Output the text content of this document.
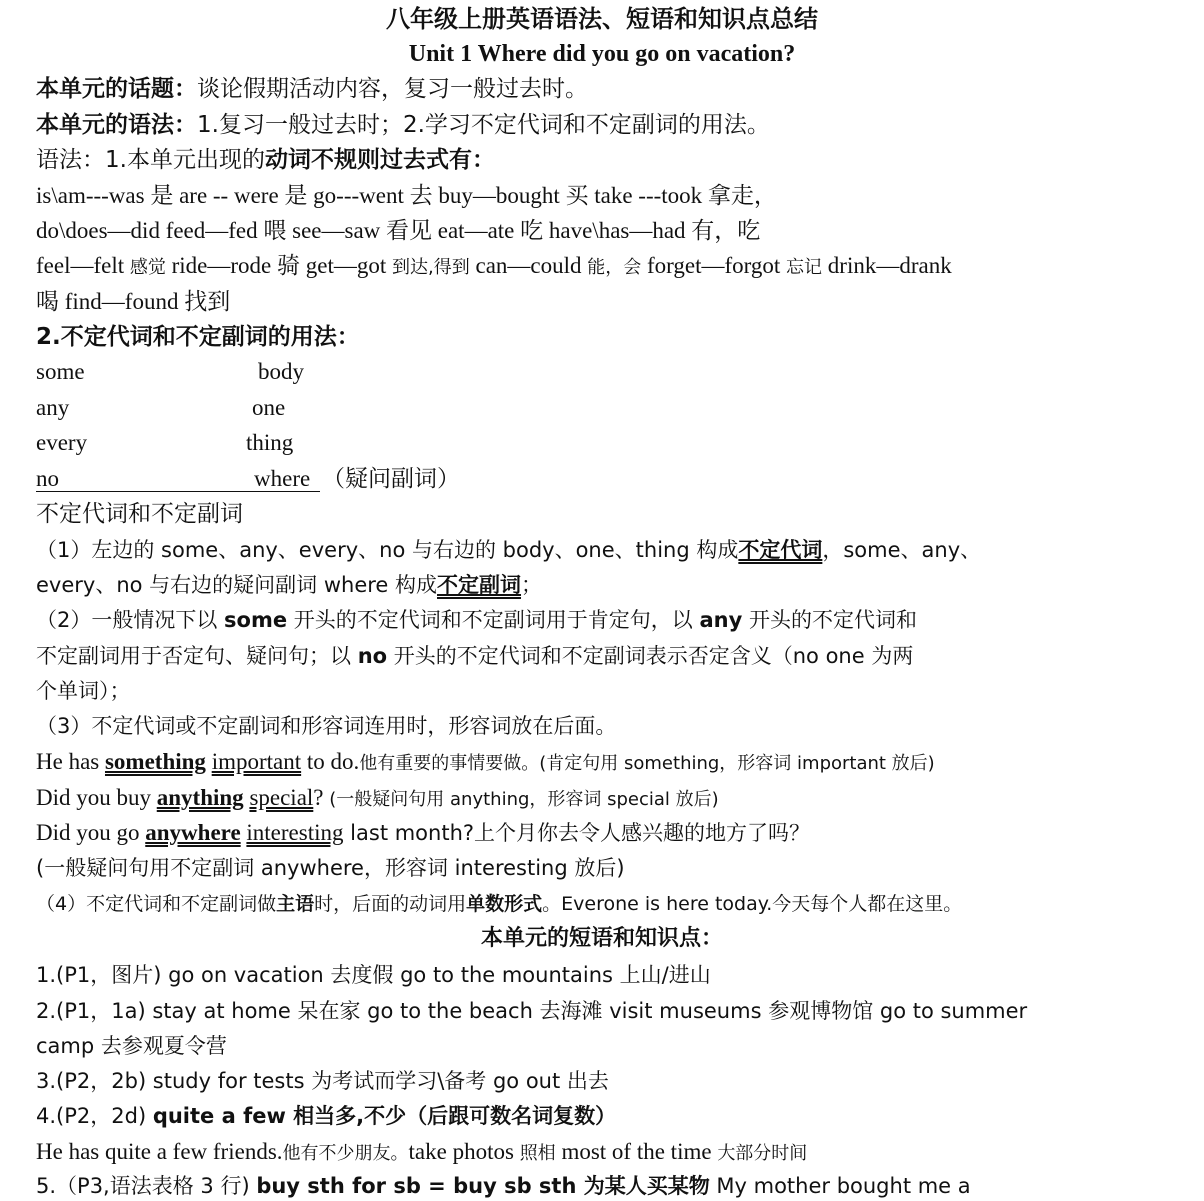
八年级上册英语语法、短语和知识点总结
Unit 1 Where did you go on vacation?
本单元的话题：谈论假期活动内容，复习一般过去时。
本单元的语法：1.复习一般过去时；2.学习不定代词和不定副词的用法。
语法：1.本单元出现的动词不规则过去式有：
is\am---was 是 are -- were 是 go---went 去 buy—bought 买 take ---took 拿走，
do\does—did feed—fed 喂 see—saw 看见 eat—ate 吃 have\has—had 有，吃
feel—felt 感觉 ride—rode 骑 get—got 到达,得到 can—could 能，会 forget—forgot 忘记 drink—drank
喝 find—found 找到
2.不定代词和不定副词的用法：
some	body
any	one
every	thing
no	where （疑问副词）
不定代词和不定副词
（1）左边的 some、any、every、no 与右边的 body、one、thing 构成不定代词，some、any、
every、no 与右边的疑问副词 where 构成不定副词；
（2）一般情况下以 some 开头的不定代词和不定副词用于肯定句，以 any 开头的不定代词和
不定副词用于否定句、疑问句；以 no 开头的不定代词和不定副词表示否定含义（no one 为两
个单词）；
（3）不定代词或不定副词和形容词连用时，形容词放在后面。
He has something important to do.他有重要的事情要做。(肯定句用 something，形容词 important 放后)
Did you buy anything special? (一般疑问句用 anything，形容词 special 放后)
Did you go anywhere interesting last month?上个月你去令人感兴趣的地方了吗？
(一般疑问句用不定副词 anywhere，形容词 interesting 放后)
（4）不定代词和不定副词做主语时，后面的动词用单数形式。Everone is here today.今天每个人都在这里。
本单元的短语和知识点：
1.(P1，图片) go on vacation 去度假 go to the mountains 上山/进山
2.(P1，1a) stay at home 呆在家 go to the beach 去海滩 visit museums 参观博物馆 go to summer
camp 去参观夏令营
3.(P2，2b) study for tests 为考试而学习\备考 go out 出去
4.(P2，2d) quite a few 相当多,不少（后跟可数名词复数）
He has quite a few friends.他有不少朋友。take photos 照相 most of the time 大部分时间
5.（P3,语法表格 3 行) buy sth for sb = buy sb sth 为某人买某物 My mother bought me a
